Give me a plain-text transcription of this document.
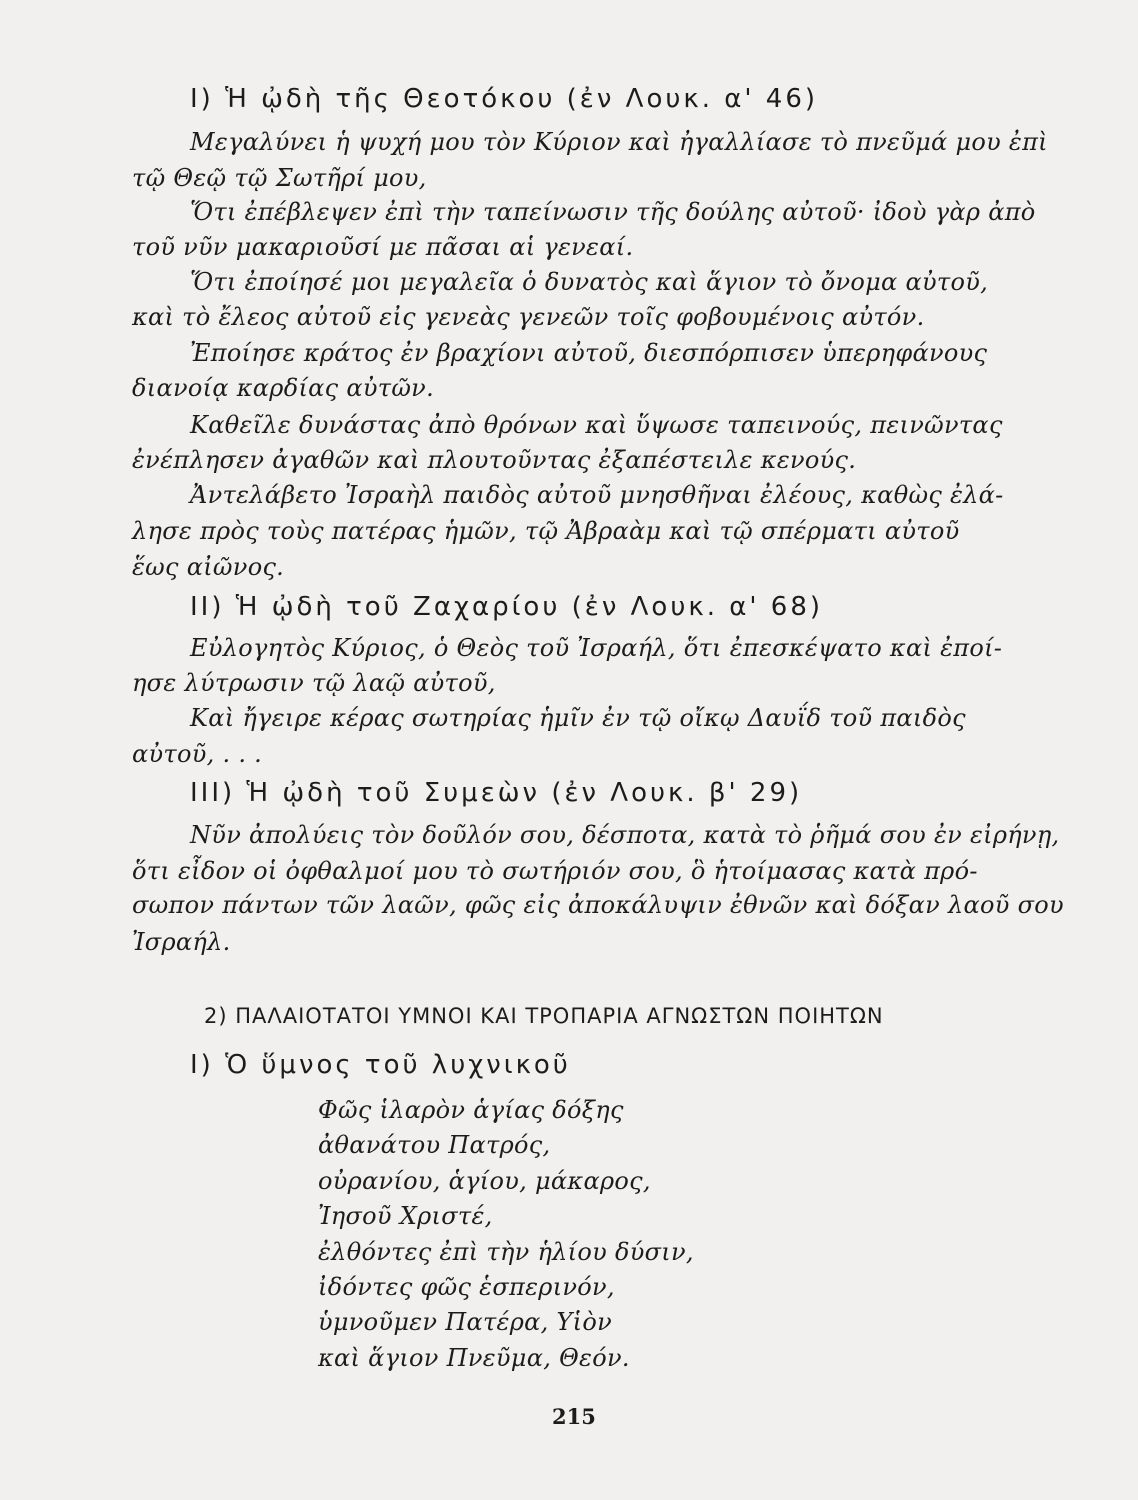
I) Ἡ ᾠδὴ τῆς Θεοτόκου (ἐν Λουκ. α' 46)
Μεγαλύνει ἡ ψυχή μου τὸν Κύριον καὶ ἠγαλλίασε τὸ πνεῦμά μου ἐπὶ
τῷ Θεῷ τῷ Σωτῆρί μου,
Ὅτι ἐπέβλεψεν ἐπὶ τὴν ταπείνωσιν τῆς δούλης αὐτοῦ· ἰδοὺ γὰρ ἀπὸ
τοῦ νῦν μακαριοῦσί με πᾶσαι αἱ γενεαί.
Ὅτι ἐποίησέ μοι μεγαλεῖα ὁ δυνατὸς καὶ ἅγιον τὸ ὄνομα αὐτοῦ,
καὶ τὸ ἔλεος αὐτοῦ εἰς γενεὰς γενεῶν τοῖς φοβουμένοις αὐτόν.
Ἐποίησε κράτος ἐν βραχίονι αὐτοῦ, διεσπόρπισεν ὑπερηφάνους
διανοίᾳ καρδίας αὐτῶν.
Καθεῖλε δυνάστας ἀπὸ θρόνων καὶ ὕψωσε ταπεινούς, πεινῶντας
ἐνέπλησεν ἀγαθῶν καὶ πλουτοῦντας ἐξαπέστειλε κενούς.
Ἀντελάβετο Ἰσραὴλ παιδὸς αὐτοῦ μνησθῆναι ἐλέους, καθὼς ἐλά-
λησε πρὸς τοὺς πατέρας ἡμῶν, τῷ Ἀβραὰμ καὶ τῷ σπέρματι αὐτοῦ
ἕως αἰῶνος.
II) Ἡ ᾠδὴ τοῦ Ζαχαρίου (ἐν Λουκ. α' 68)
Εὐλογητὸς Κύριος, ὁ Θεὸς τοῦ Ἰσραήλ, ὅτι ἐπεσκέψατο καὶ ἐποί-
ησε λύτρωσιν τῷ λαῷ αὐτοῦ,
Καὶ ἤγειρε κέρας σωτηρίας ἡμῖν ἐν τῷ οἴκῳ Δαυΐδ τοῦ παιδὸς
αὐτοῦ, . . .
III) Ἡ ᾠδὴ τοῦ Συμεὼν (ἐν Λουκ. β' 29)
Νῦν ἀπολύεις τὸν δοῦλόν σου, δέσποτα, κατὰ τὸ ῥῆμά σου ἐν εἰρήνῃ,
ὅτι εἶδον οἱ ὀφθαλμοί μου τὸ σωτήριόν σου, ὃ ἡτοίμασας κατὰ πρό-
σωπον πάντων τῶν λαῶν, φῶς εἰς ἀποκάλυψιν ἐθνῶν καὶ δόξαν λαοῦ σου
Ἰσραήλ.
2) ΠΑΛΑΙΟΤΑΤΟΙ ΥΜΝΟΙ ΚΑΙ ΤΡΟΠΑΡΙΑ ΑΓΝΩΣΤΩΝ ΠΟΙΗΤΩΝ
I) Ὁ ὕμνος τοῦ λυχνικοῦ
Φῶς ἱλαρὸν ἁγίας δόξης
ἀθανάτου Πατρός,
οὐρανίου, ἁγίου, μάκαρος,
Ἰησοῦ Χριστέ,
ἐλθόντες ἐπὶ τὴν ἡλίου δύσιν,
ἰδόντες φῶς ἑσπερινόν,
ὑμνοῦμεν Πατέρα, Υἱὸν
καὶ ἅγιον Πνεῦμα, Θεόν.
215
